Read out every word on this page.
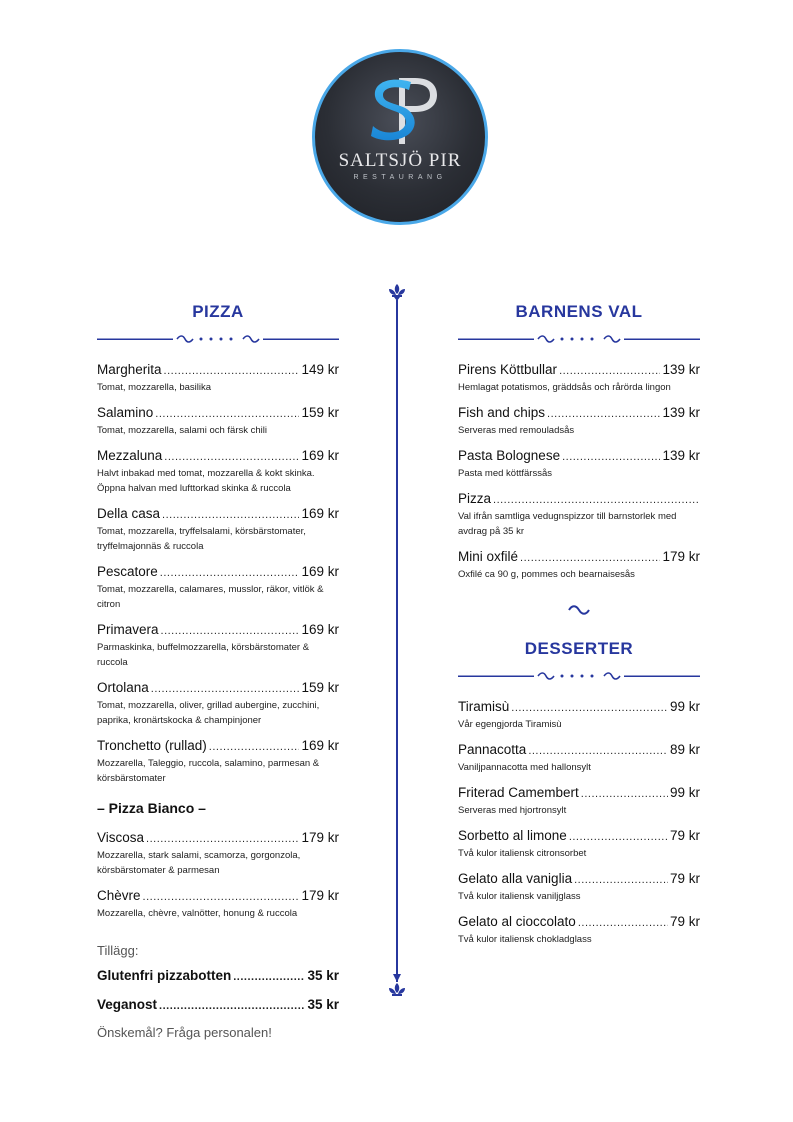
SALTSJÖ PIR
RESTAURANG
PIZZA
Margherita .....	149 kr
Tomat, mozzarella, basilika
Salamino .....	159 kr
Tomat, mozzarella, salami och färsk chili
Mezzaluna .....	169 kr
Halvt inbakad med tomat, mozzarella & kokt skinka. Öppna halvan med lufttorkad skinka & ruccola
Della casa .....	169 kr
Tomat, mozzarella, tryffelsalami, körsbärstomater, tryffelmajonnäs & ruccola
Pescatore .....	169 kr
Tomat, mozzarella, calamares, musslor, räkor, vitlök & citron
Primavera .....	169 kr
Parmaskinka, buffelmozzarella, körsbärstomater & ruccola
Ortolana .....	159 kr
Tomat, mozzarella, oliver, grillad aubergine, zucchini, paprika, kronärtskocka & champinjoner
Tronchetto (rullad) .....	169 kr
Mozzarella, Taleggio, ruccola, salamino, parmesan & körsbärstomater
– Pizza Bianco –
Viscosa .....	179 kr
Mozzarella, stark salami, scamorza, gorgonzola, körsbärstomater & parmesan
Chèvre .....	179 kr
Mozzarella, chèvre, valnötter, honung & ruccola
Tillägg:
Glutenfri pizzabotten .....	35 kr
Veganost .....	35 kr
BARNENS VAL
Pirens Köttbullar .....	139 kr
Hemlagat potatismos, gräddsås och rårörda lingon
Fish and chips .....	139 kr
Serveras med remouladsås
Pasta Bolognese .....	139 kr
Pasta med köttfärssås
Pizza
.....
Val ifrån samtliga vedugnspizzor till barnstorlek med avdrag på 35 kr
Mini oxfilé .....	179 kr
Oxfilé ca 90 g, pommes och bearnaisesås
DESSERTER
Tiramisù .....	99 kr
Vår egengjorda Tiramisù
Pannacotta .....	89 kr
Vaniljpannacotta med hallonsylt
Friterad Camembert .....	99 kr
Serveras med hjortronsylt
Sorbetto al limone .....	79 kr
Två kulor italiensk citronsorbet
Gelato alla vaniglia .....	79 kr
Två kulor italiensk vaniljglass
Gelato al cioccolato .....	79 kr
Två kulor italiensk chokladglass
Önskemål? Fråga personalen!
